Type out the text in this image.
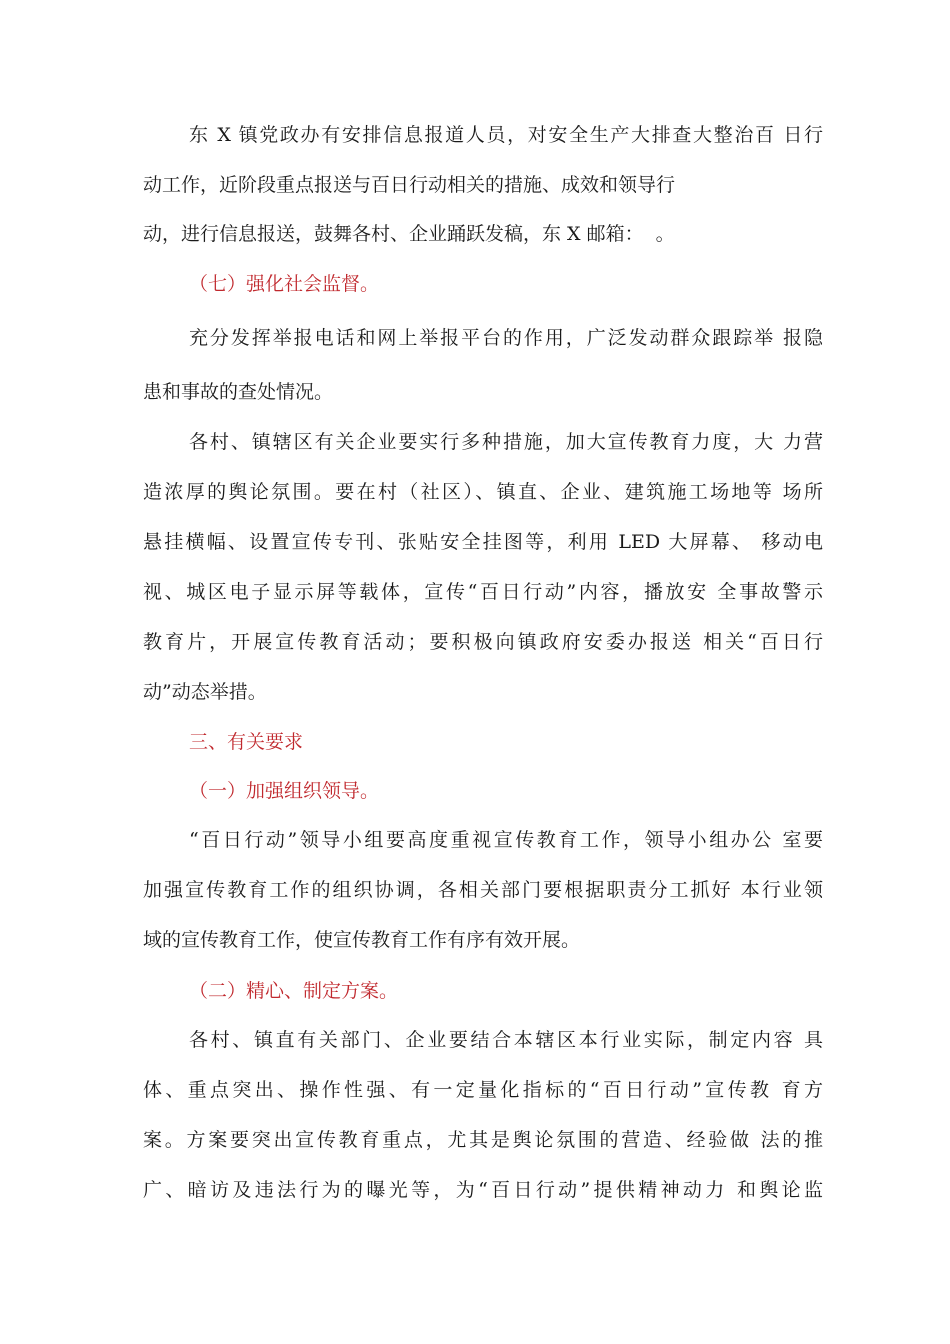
东 X 镇党政办有安排信息报道人员，对安全生产大排查大整治百 日行
动工作，近阶段重点报送与百日行动相关的措施、成效和领导行
动，进行信息报送，鼓舞各村、企业踊跃发稿，东 X 邮箱：  。
（七）强化社会监督。
充分发挥举报电话和网上举报平台的作用，广泛发动群众跟踪举 报隐
患和事故的查处情况。
各村、镇辖区有关企业要实行多种措施，加大宣传教育力度，大 力营
造浓厚的舆论氛围。要在村（社区）、镇直、企业、建筑施工场地等 场所
悬挂横幅、设置宣传专刊、张贴安全挂图等，利用 LED 大屏幕、 移动电
视、城区电子显示屏等载体，宣传“百日行动”内容，播放安 全事故警示
教育片，开展宣传教育活动；要积极向镇政府安委办报送 相关“百日行
动”动态举措。
三、有关要求
（一）加强组织领导。
“百日行动”领导小组要高度重视宣传教育工作，领导小组办公 室要
加强宣传教育工作的组织协调，各相关部门要根据职责分工抓好 本行业领
域的宣传教育工作，使宣传教育工作有序有效开展。
（二）精心、制定方案。
各村、镇直有关部门、企业要结合本辖区本行业实际，制定内容 具
体、重点突出、操作性强、有一定量化指标的“百日行动”宣传教 育方
案。方案要突出宣传教育重点，尤其是舆论氛围的营造、经验做 法的推
广、暗访及违法行为的曝光等，为“百日行动”提供精神动力 和舆论监
